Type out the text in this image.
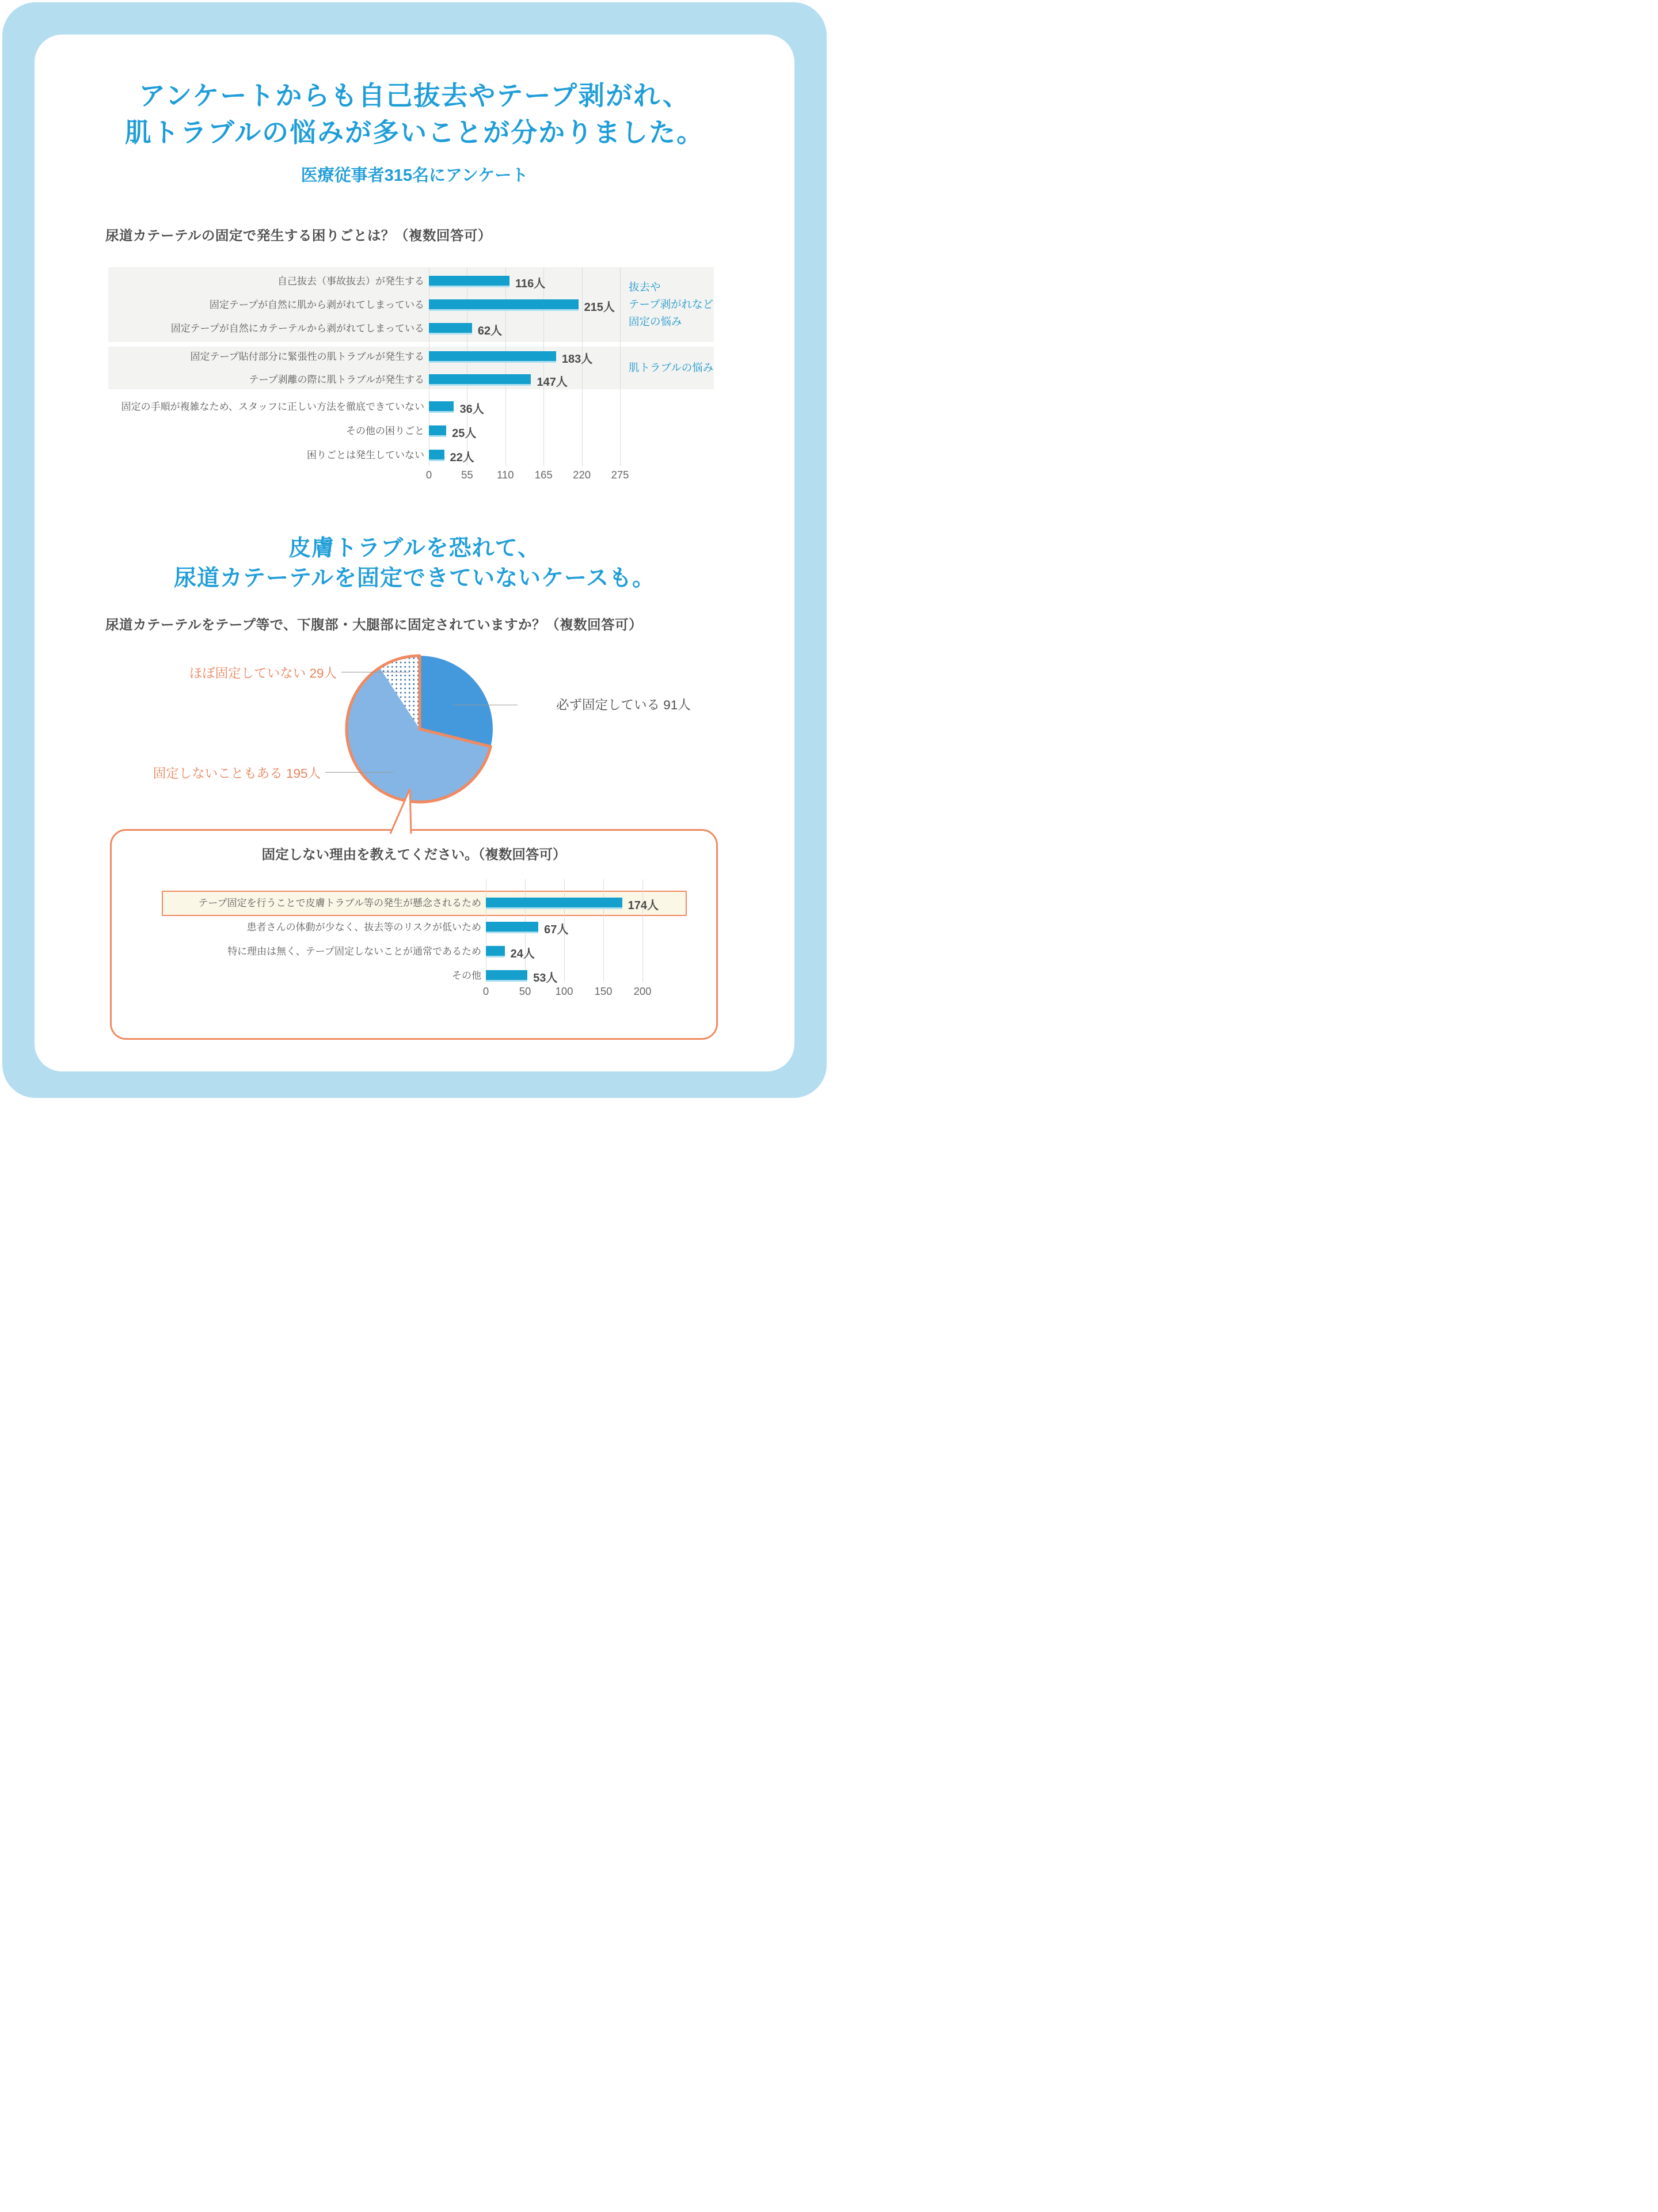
アンケートからも自己抜去やテープ剥がれ、
肌トラブルの悩みが多いことが分かりました。
医療従事者315名にアンケート
尿道カテーテルの固定で発生する困りごとは？（複数回答可）
自己抜去（事故抜去）が発生する	116人
固定テープが自然に肌から剥がれてしまっている	215人
固定テープが自然にカテーテルから剥がれてしまっている	62人
固定テープ貼付部分に緊張性の肌トラブルが発生する	183人
テープ剥離の際に肌トラブルが発生する	147人
固定の手順が複雑なため、スタッフに正しい方法を徹底できていない	36人
その他の困りごと 25人
困りごとは発生していない 22人
抜去や
テープ剥がれなど
固定の悩み
肌トラブルの悩み
0	55	110	165	220	275
皮膚トラブルを恐れて、
尿道カテーテルを固定できていないケースも。
尿道カテーテルをテープ等で、下腹部・大腿部に固定されていますか？（複数回答可）
必ず固定している 91人
ほぼ固定していない 29人
固定しないこともある 195人
固定しない理由を教えてください。（複数回答可）
テープ固定を行うことで皮膚トラブル等の発生が懸念されるため	174人
患者さんの体動が少なく、抜去等のリスクが低いため	67人
特に理由は無く、テープ固定しないことが通常であるため	24人
その他	53人
0	50	100	150	200
